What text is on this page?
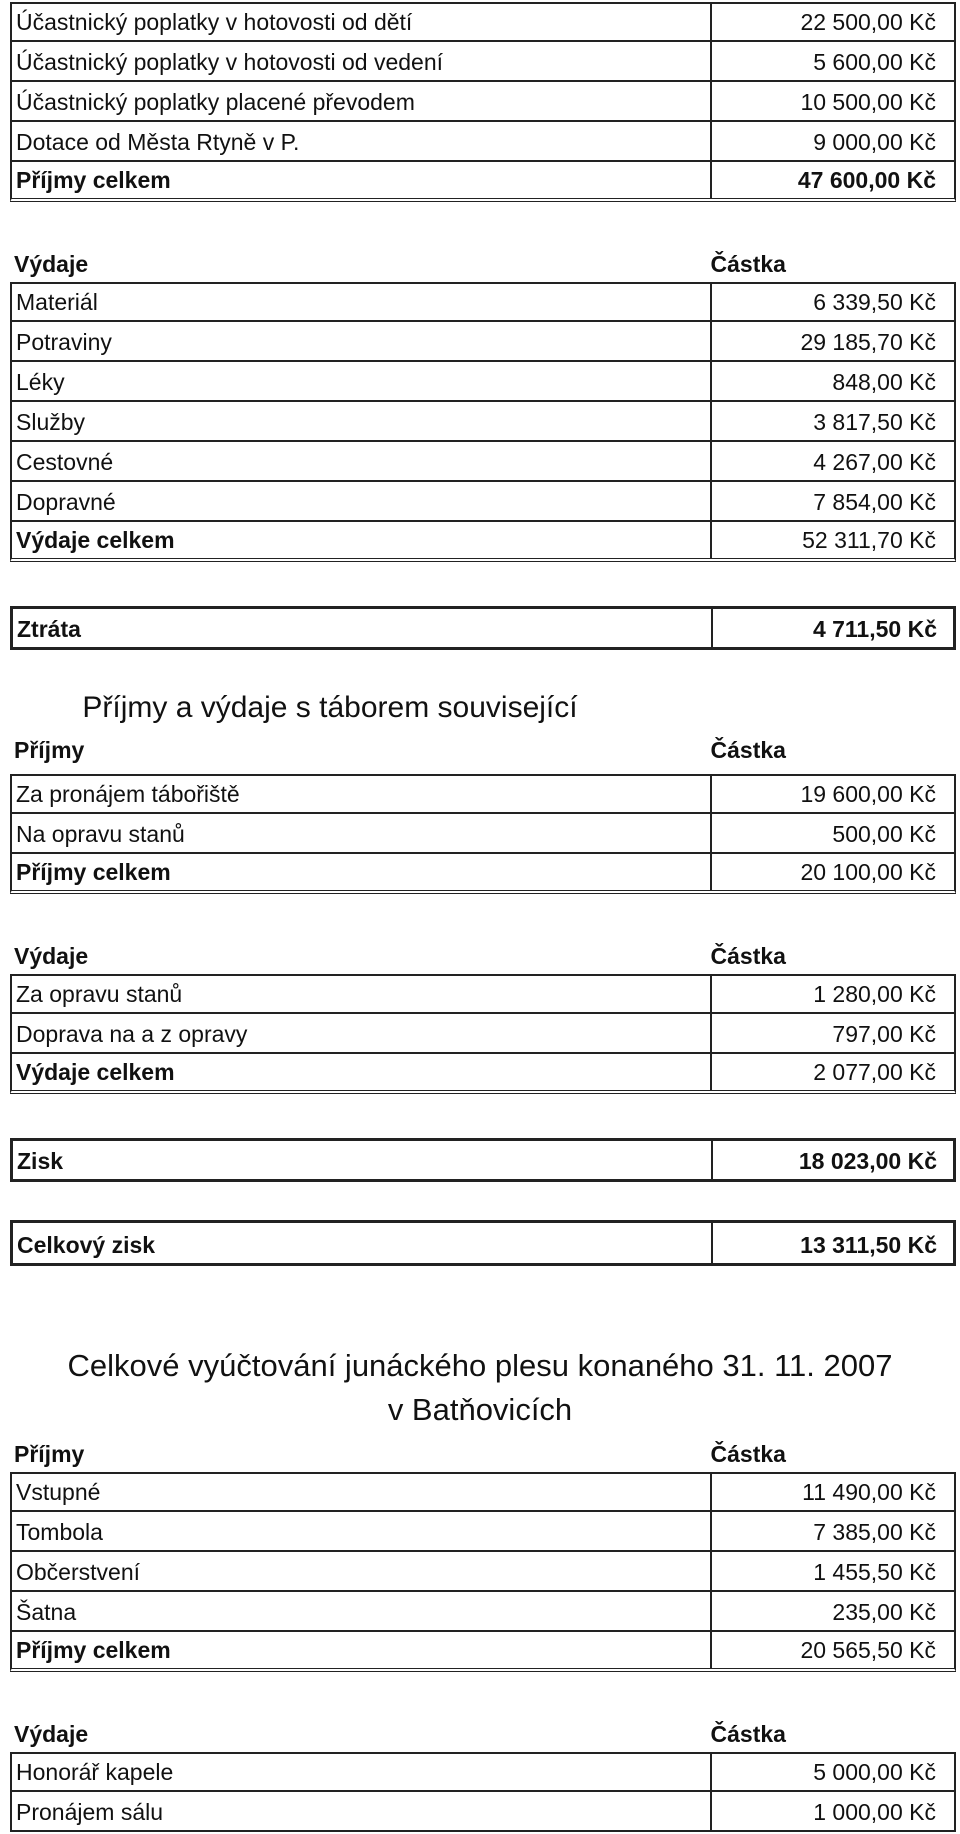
Účastnický poplatky v hotovosti od dětí	22 500,00 Kč
Účastnický poplatky v hotovosti od vedení	5 600,00 Kč
Účastnický poplatky placené převodem	10 500,00 Kč
Dotace od Města Rtyně v P.	9 000,00 Kč
Příjmy celkem	47 600,00 Kč
Výdaje	Částka
Materiál	6 339,50 Kč
Potraviny	29 185,70 Kč
Léky	848,00 Kč
Služby	3 817,50 Kč
Cestovné	4 267,00 Kč
Dopravné	7 854,00 Kč
Výdaje celkem	52 311,70 Kč
Ztráta	4 711,50 Kč
Příjmy a výdaje s táborem související
Příjmy	Částka
Za pronájem tábořiště	19 600,00 Kč
Na opravu stanů	500,00 Kč
Příjmy celkem	20 100,00 Kč
Výdaje	Částka
Za opravu stanů	1 280,00 Kč
Doprava na a z opravy	797,00 Kč
Výdaje celkem	2 077,00 Kč
Zisk	18 023,00 Kč
Celkový zisk	13 311,50 Kč
Celkové vyúčtování junáckého plesu konaného 31. 11. 2007
v Batňovicích
Příjmy	Částka
Vstupné	11 490,00 Kč
Tombola	7 385,00 Kč
Občerstvení	1 455,50 Kč
Šatna	235,00 Kč
Příjmy celkem	20 565,50 Kč
Výdaje	Částka
Honorář kapele	5 000,00 Kč
Pronájem sálu	1 000,00 Kč
